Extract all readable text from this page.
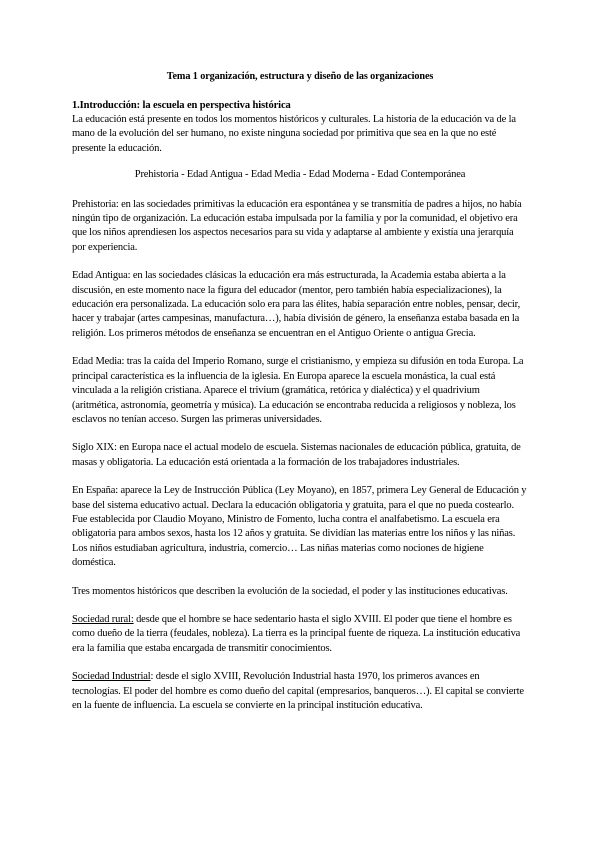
Tema 1 organización, estructura y diseño de las organizaciones
1.Introducción: la escuela en perspectiva histórica

La educación está presente en todos los momentos históricos y culturales. La historia de la educación va de la mano de la evolución del ser humano, no existe ninguna sociedad por primitiva que sea en la que no esté presente la educación.

Prehistoria - Edad Antigua - Edad Media - Edad Moderna - Edad Contemporánea

Prehistoria: en las sociedades primitivas la educación era espontánea y se transmitía de padres a hijos, no había ningún tipo de organización. La educación estaba impulsada por la familia y por la comunidad, el objetivo era que los niños aprendiesen los aspectos necesarios para su vida y adaptarse al ambiente y existía una jerarquía por experiencia.

Edad Antigua: en las sociedades clásicas la educación era más estructurada, la Academia estaba abierta a la discusión, en este momento nace la figura del educador (mentor, pero también había especializaciones), la educación era personalizada. La educación solo era para las élites, había separación entre nobles, pensar, decir, hacer y trabajar (artes campesinas, manufactura…), había división de género, la enseñanza estaba basada en la religión. Los primeros métodos de enseñanza se encuentran en el Antiguo Oriente o antigua Grecia.

Edad Media: tras la caída del Imperio Romano, surge el cristianismo, y empieza su difusión en toda Europa. La principal característica es la influencia de la iglesia. En Europa aparece la escuela monástica, la cual está vinculada a la religión cristiana. Aparece el trivium (gramática, retórica y dialéctica) y el quadrivium (aritmética, astronomía, geometría y música). La educación se encontraba reducida a religiosos y nobleza, los esclavos no tenían acceso. Surgen las primeras universidades.

Siglo XIX: en Europa nace el actual modelo de escuela. Sistemas nacionales de educación pública, gratuita, de masas y obligatoria. La educación está orientada a la formación de los trabajadores industriales.

En España: aparece la Ley de Instrucción Pública (Ley Moyano), en 1857, primera Ley General de Educación y base del sistema educativo actual. Declara la educación obligatoria y gratuita, para el que no pueda costearlo. Fue establecida por Claudio Moyano, Ministro de Fomento, lucha contra el analfabetismo. La escuela era obligatoria para ambos sexos, hasta los 12 años y gratuita. Se dividían las materias entre los niños y las niñas. Los niños estudiaban agricultura, industria, comercio… Las niñas materias como nociones de higiene doméstica.

Tres momentos históricos que describen la evolución de la sociedad, el poder y las instituciones educativas.

Sociedad rural: desde que el hombre se hace sedentario hasta el siglo XVIII. El poder que tiene el hombre es como dueño de la tierra (feudales, nobleza). La tierra es la principal fuente de riqueza. La institución educativa era la familia que estaba encargada de transmitir conocimientos.

Sociedad Industrial: desde el siglo XVIII, Revolución Industrial hasta 1970, los primeros avances en tecnologías. El poder del hombre es como dueño del capital (empresarios, banqueros…). El capital se convierte en la fuente de influencia. La escuela se convierte en la principal institución educativa.
